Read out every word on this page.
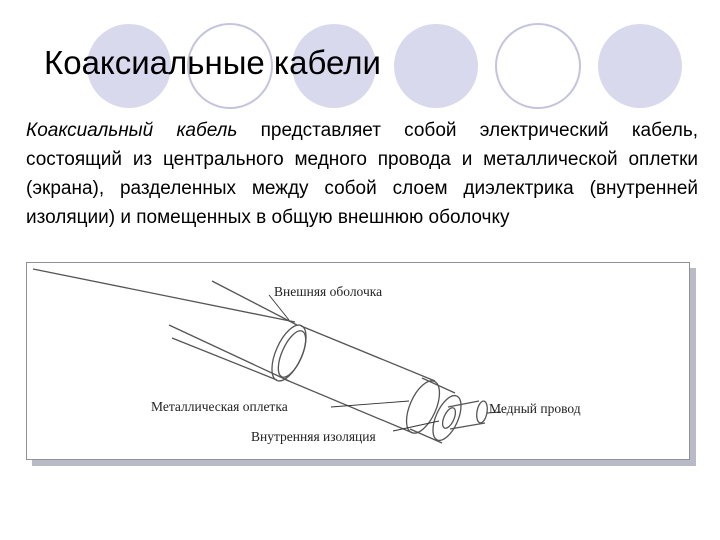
Коаксиальные кабели
Коаксиальный кабель представляет собой электрический кабель, состоящий из центрального медного провода и металлической оплетки (экрана), разделенных между собой слоем диэлектрика (внутренней изоляции) и помещенных в общую внешнюю оболочку
Внешняя оболочка
Металлическая оплетка
Внутренняя изоляция
Медный провод
